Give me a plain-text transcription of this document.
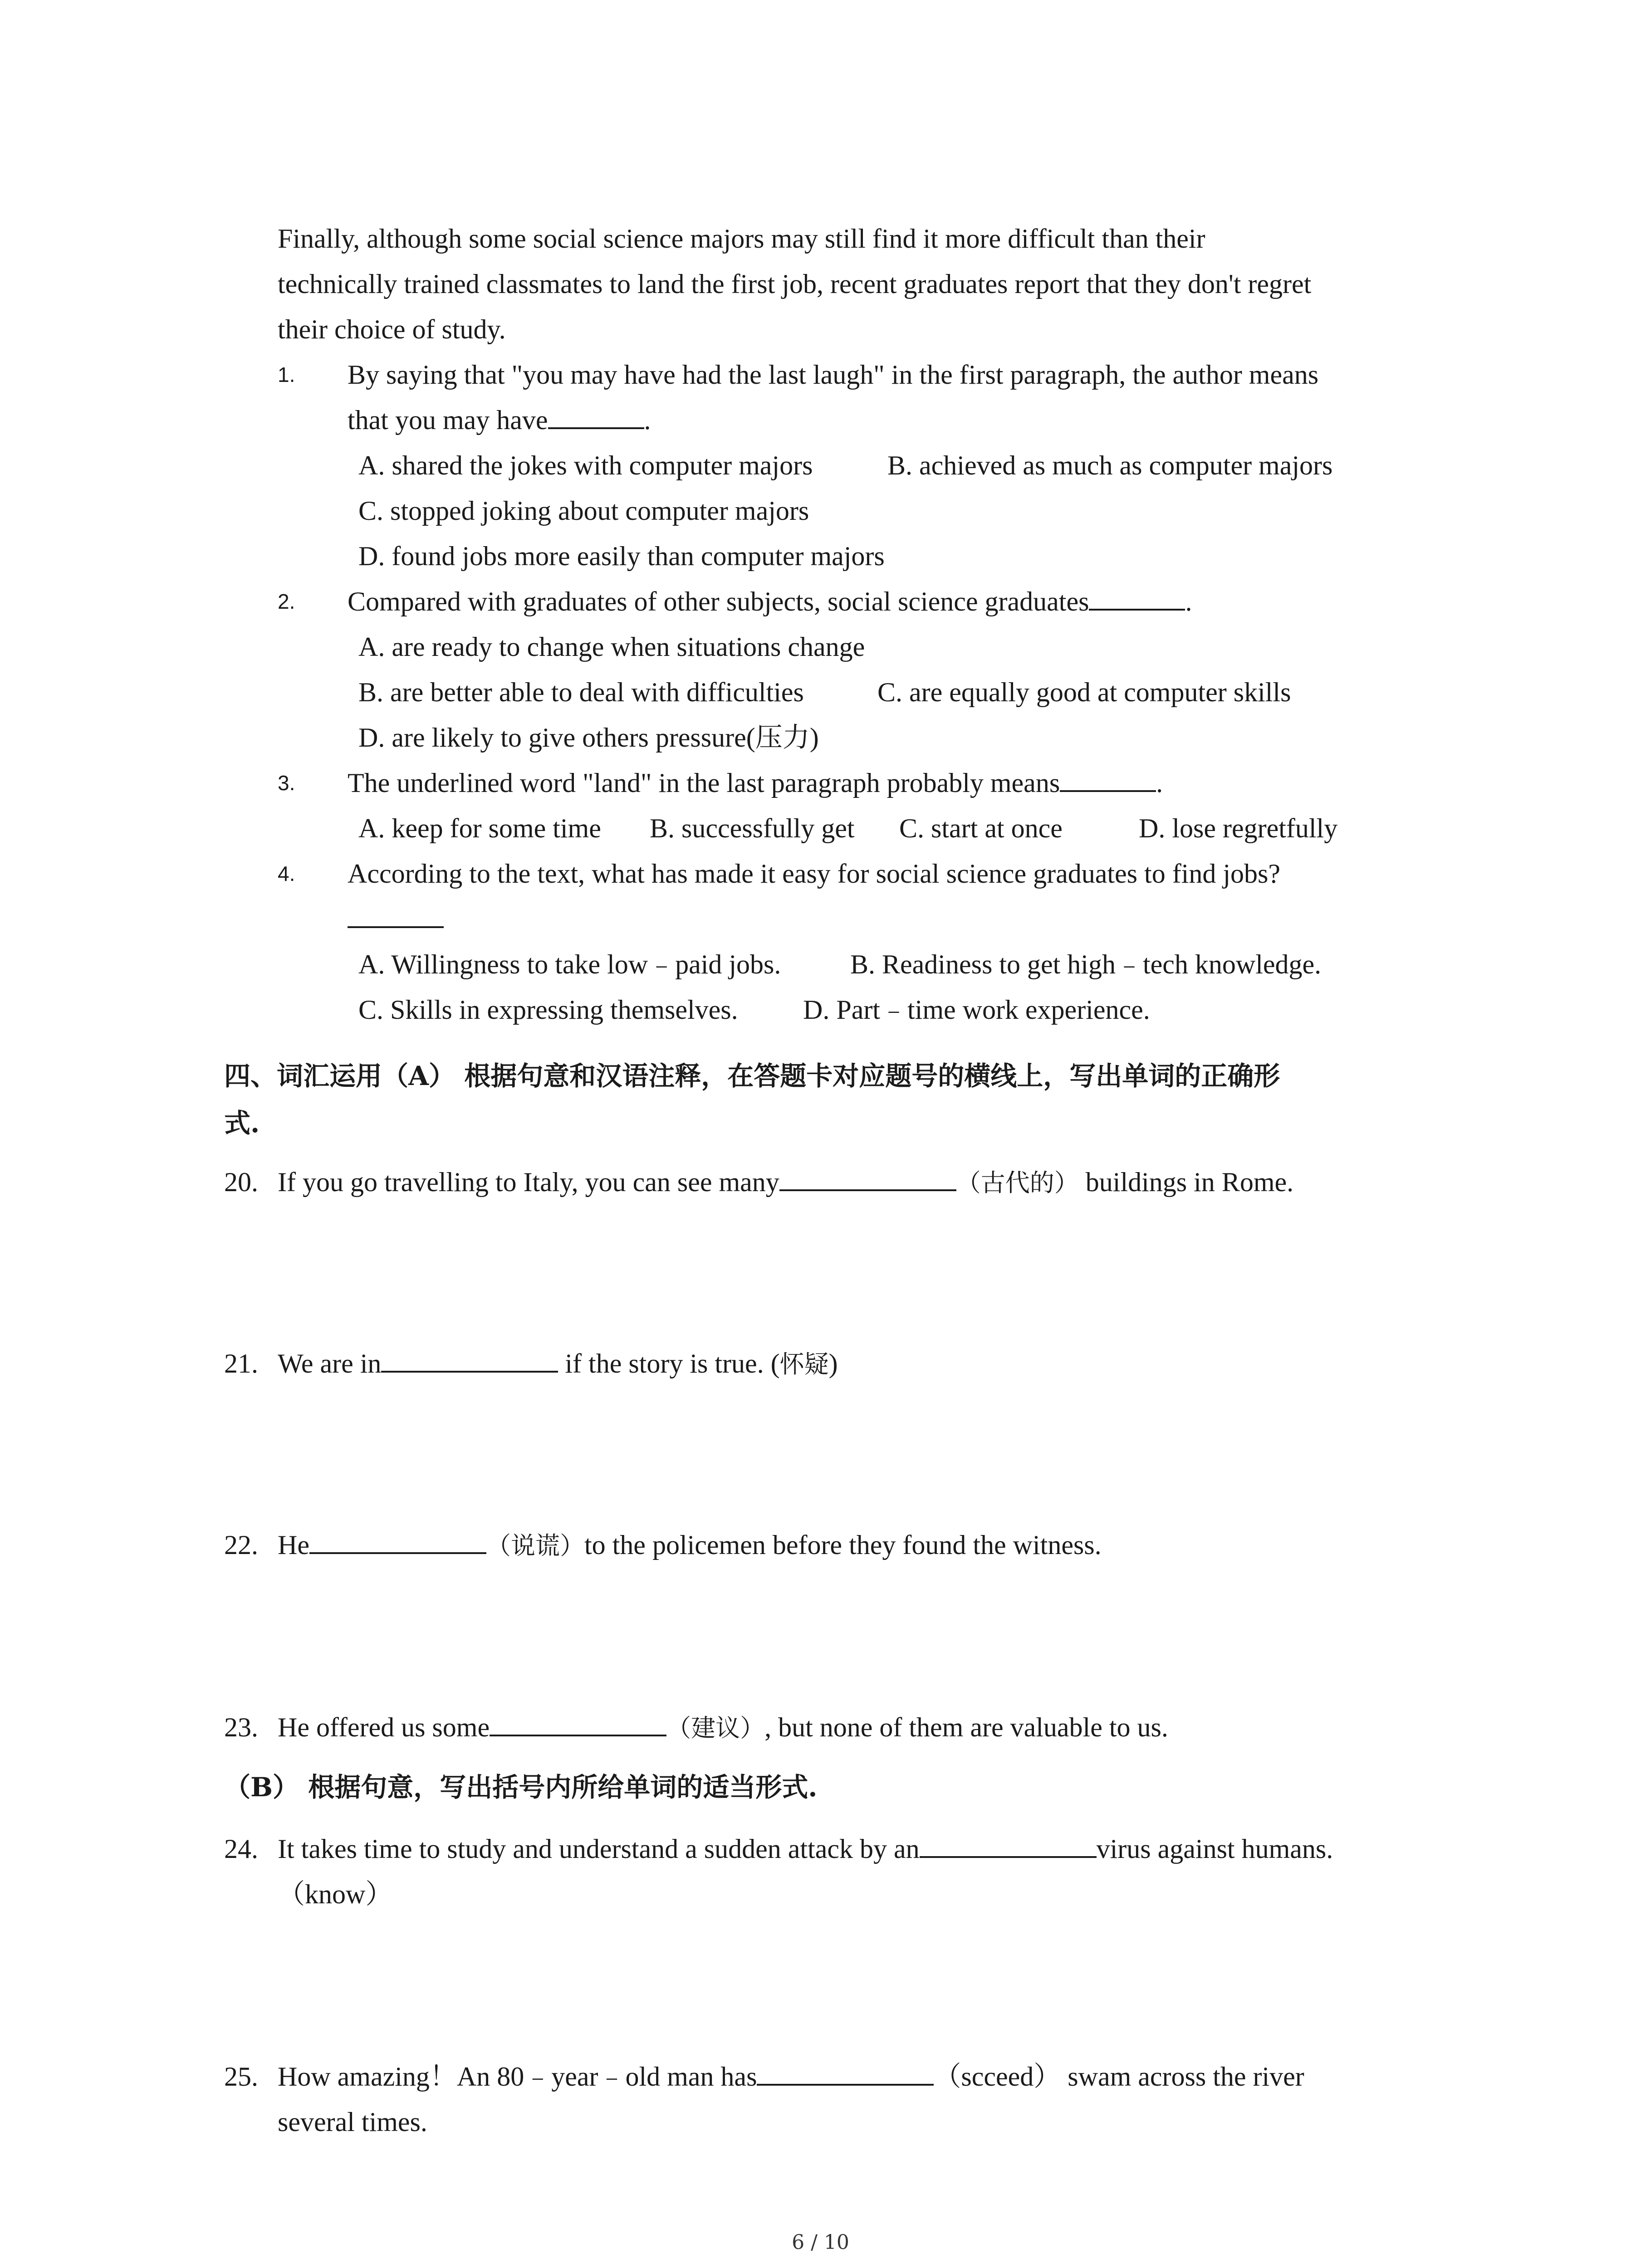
Finally, although some social science majors may still find it more difficult than their
technically trained classmates to land the first job, recent graduates report that they don't regret
their choice of study.
1. By saying that "you may have had the last laugh" in the first paragraph, the author means
that you may have	.
A. shared the jokes with computer majors	B. achieved as much as computer majors
C. stopped joking about computer majors
D. found jobs more easily than computer majors
2. Compared with graduates of other subjects, social science graduates	.
A. are ready to change when situations change
B. are better able to deal with difficulties	C. are equally good at computer skills
D. are likely to give others pressure(压力)
3. The underlined word "land" in the last paragraph probably means	.
A. keep for some time B. successfully get C. start at once	D. lose regretfully
4. According to the text, what has made it easy for social science graduates to find jobs?
A. Willingness to take low﹣paid jobs.	B. Readiness to get high﹣tech knowledge.
C. Skills in expressing themselves. D. Part﹣time work experience.
四、词汇运用（A） 根据句意和汉语注释，在答题卡对应题号的横线上，写出单词的正确形
式.
20. If you go travelling to Italy, you can see many	（古代的） buildings in Rome.
21. We are in	if the story is true. (怀疑)
22. He	（说谎）to the policemen before they found the witness.
23. He offered us some	（建议）, but none of them are valuable to us.
（B） 根据句意，写出括号内所给单词的适当形式.
24. It takes time to study and understand a sudden attack by an	virus against humans.
（know）
25. How amazing！An 80﹣year﹣old man has	（scceed） swam across the river
several times.
6 / 10
